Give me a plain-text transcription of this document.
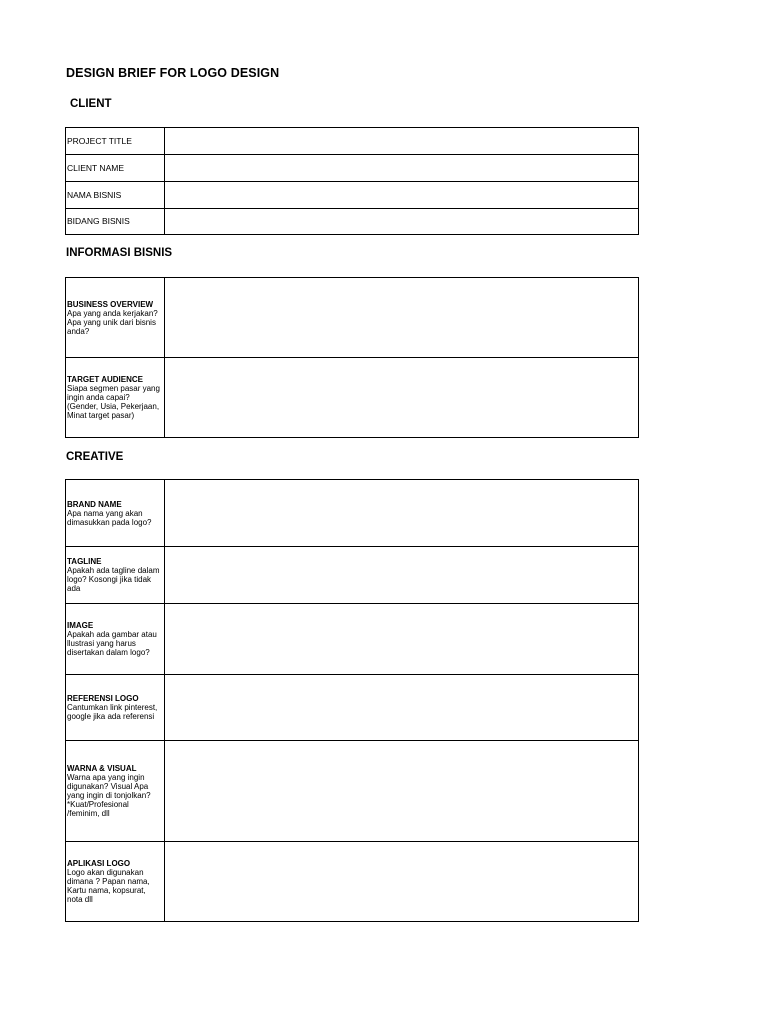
DESIGN BRIEF FOR LOGO DESIGN
CLIENT
PROJECT TITLE	
CLIENT NAME	
NAMA BISNIS	
BIDANG BISNIS	
INFORMASI BISNIS
BUSINESS OVERVIEW
Apa yang anda kerjakan? Apa yang unik dari bisnis anda?	

TARGET AUDIENCE
Siapa segmen pasar yang ingin anda capai? (Gender, Usia, Pekerjaan, Minat target pasar)	

CREATIVE
BRAND NAME
Apa nama yang akan dimasukkan pada logo?	

TAGLINE
Apakah ada tagline dalam logo? Kosongi jika tidak ada	

IMAGE
Apakah ada gambar atau llustrasi yang harus disertakan dalam logo?	

REFERENSI LOGO
Cantumkan link pinterest, google jika ada referensi	

WARNA & VISUAL
Warna apa yang ingin digunakan? Visual Apa yang ingin di tonjolkan? *Kuat/Profesional /feminim, dll	

APLIKASI LOGO
Logo akan digunakan dimana ? Papan nama, Kartu nama, kopsurat, nota dll	
